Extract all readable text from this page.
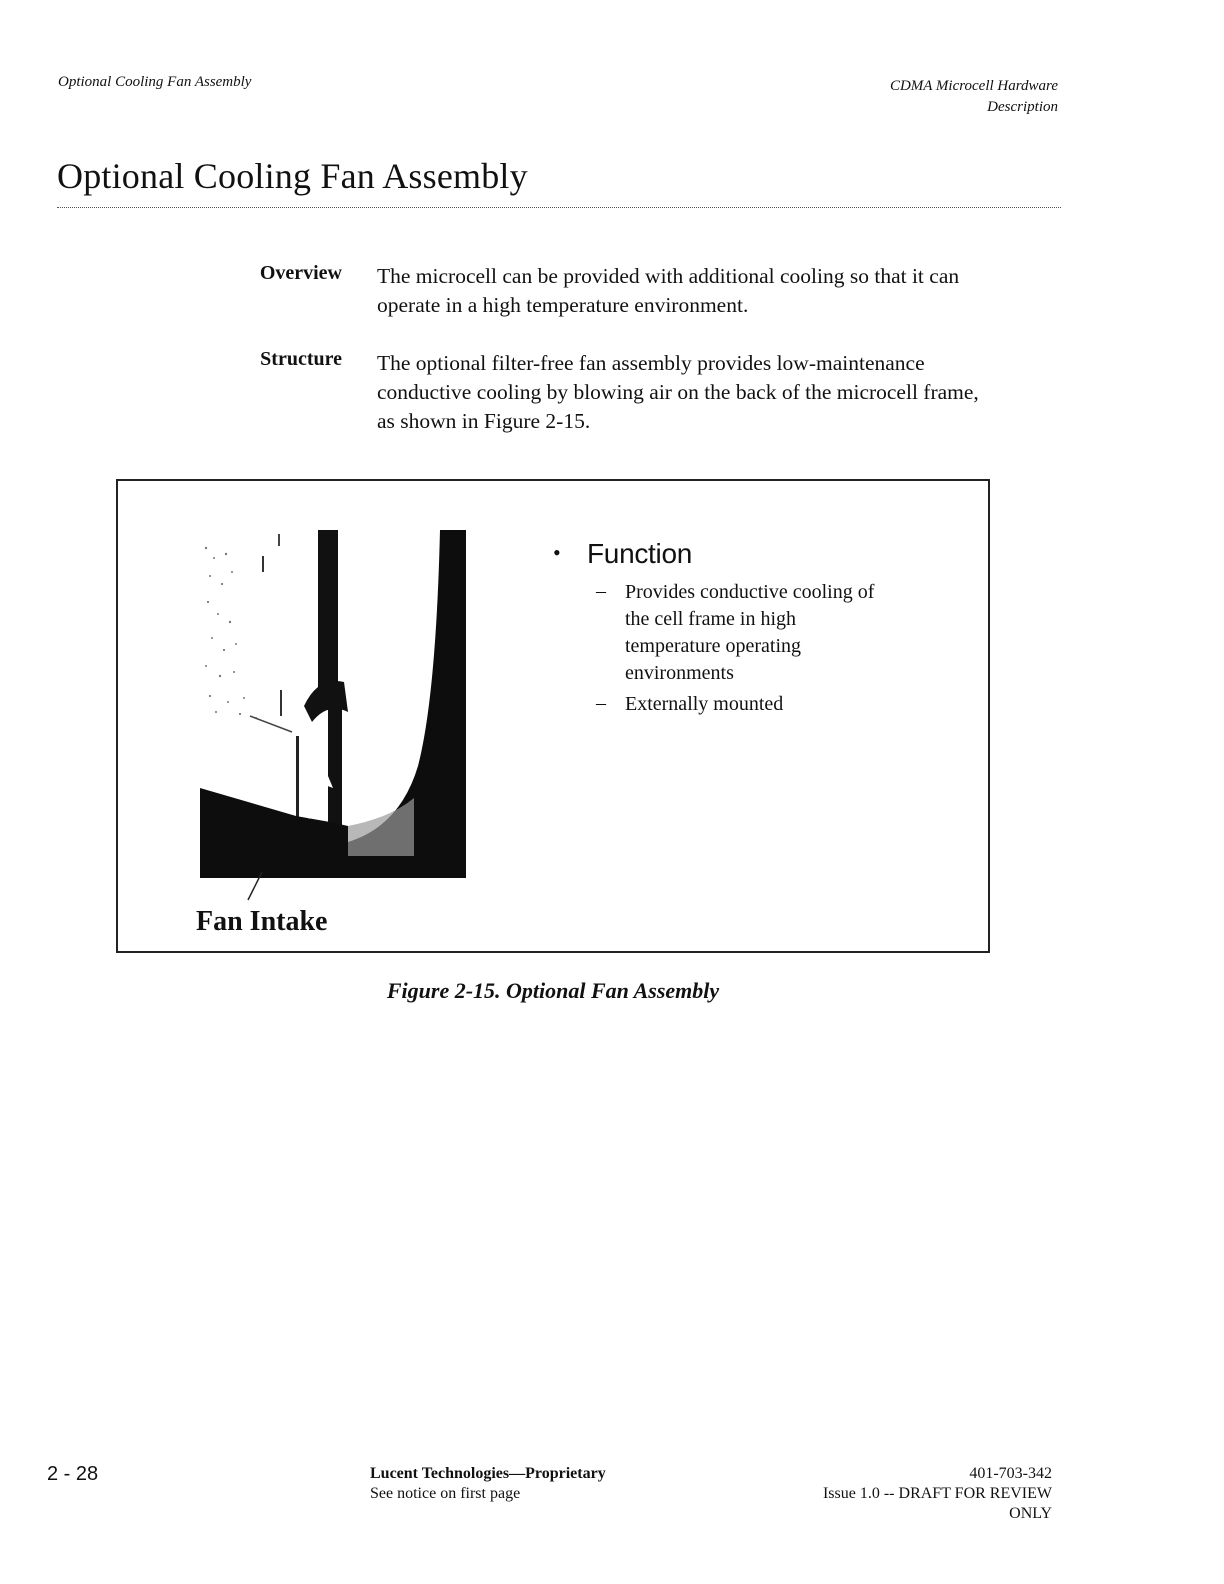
Optional Cooling Fan Assembly	CDMA Microcell Hardware
Description
Optional Cooling Fan Assembly
Overview The microcell can be provided with additional cooling so that it can
operate in a high temperature environment.
Structure The optional filter-free fan assembly provides low-maintenance
conductive cooling by blowing air on the back of the microcell frame,
as shown in Figure 2-15.
Fan Intake
• Function
– Provides conductive cooling of
the cell frame in high
temperature operating
environments
– Externally mounted
Figure 2-15. Optional Fan Assembly
2 - 28	Lucent Technologies—Proprietary
See notice on first page
401-703-342
Issue 1.0 -- DRAFT FOR REVIEW
ONLY
